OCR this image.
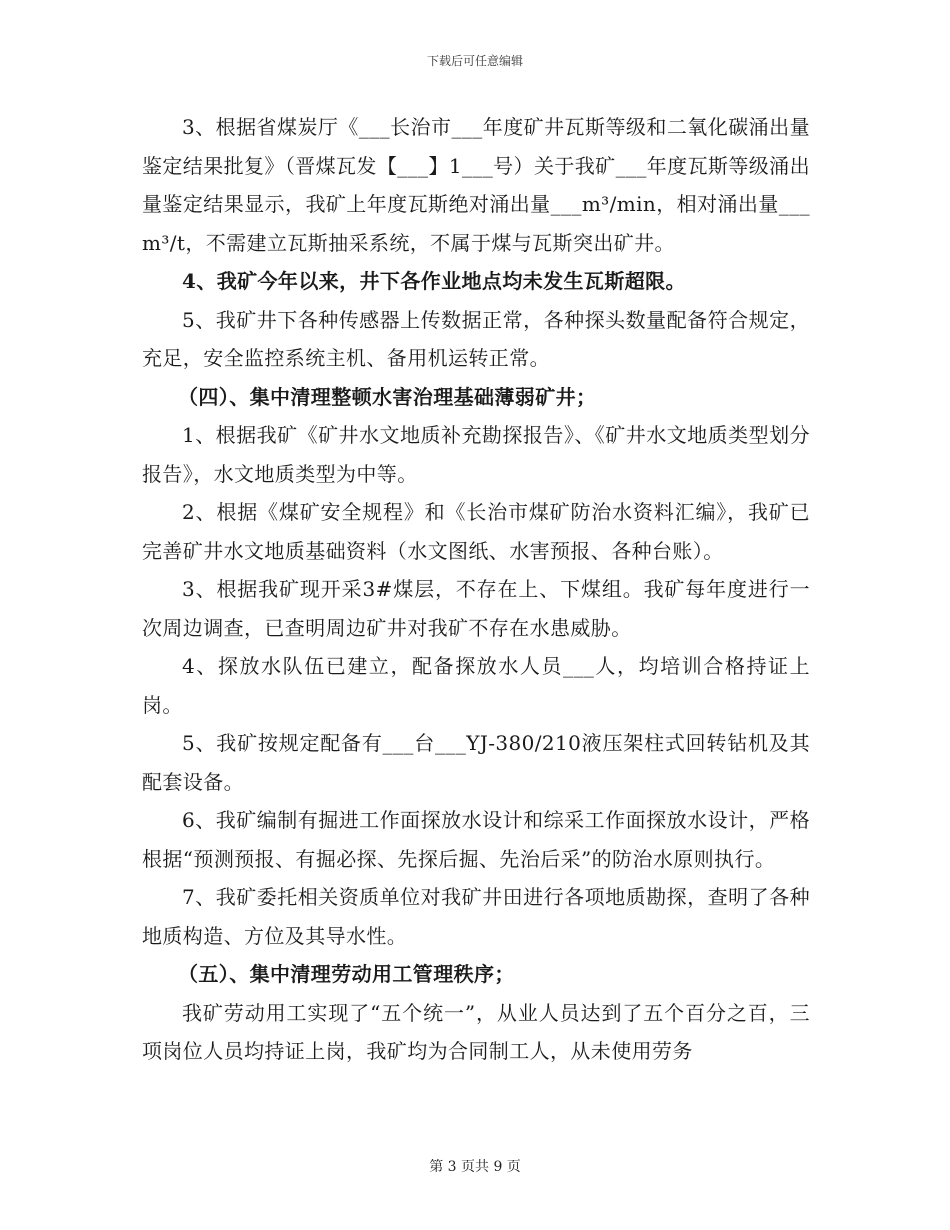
下载后可任意编辑

3、根据省煤炭厅《___长治市___年度矿井瓦斯等级和二氧化碳涌出量鉴定结果批复》（晋煤瓦发【___】1___号）关于我矿___年度瓦斯等级涌出量鉴定结果显示，我矿上年度瓦斯绝对涌出量___m³/min，相对涌出量___m³/t，不需建立瓦斯抽采系统，不属于煤与瓦斯突出矿井。

4、我矿今年以来，井下各作业地点均未发生瓦斯超限。

5、我矿井下各种传感器上传数据正常，各种探头数量配备符合规定，充足，安全监控系统主机、备用机运转正常。

（四）、集中清理整顿水害治理基础薄弱矿井；

1、根据我矿《矿井水文地质补充勘探报告》、《矿井水文地质类型划分报告》，水文地质类型为中等。

2、根据《煤矿安全规程》和《长治市煤矿防治水资料汇编》，我矿已完善矿井水文地质基础资料（水文图纸、水害预报、各种台账）。

3、根据我矿现开采3#煤层，不存在上、下煤组。我矿每年度进行一次周边调查，已查明周边矿井对我矿不存在水患威胁。

4、探放水队伍已建立，配备探放水人员___人，均培训合格持证上岗。

5、我矿按规定配备有___台___YJ-380/210液压架柱式回转钻机及其配套设备。

6、我矿编制有掘进工作面探放水设计和综采工作面探放水设计，严格根据“预测预报、有掘必探、先探后掘、先治后采”的防治水原则执行。

7、我矿委托相关资质单位对我矿井田进行各项地质勘探，查明了各种地质构造、方位及其导水性。

（五）、集中清理劳动用工管理秩序；

我矿劳动用工实现了“五个统一”，从业人员达到了五个百分之百，三项岗位人员均持证上岗，我矿均为合同制工人，从未使用劳务

第 3 页共 9 页
